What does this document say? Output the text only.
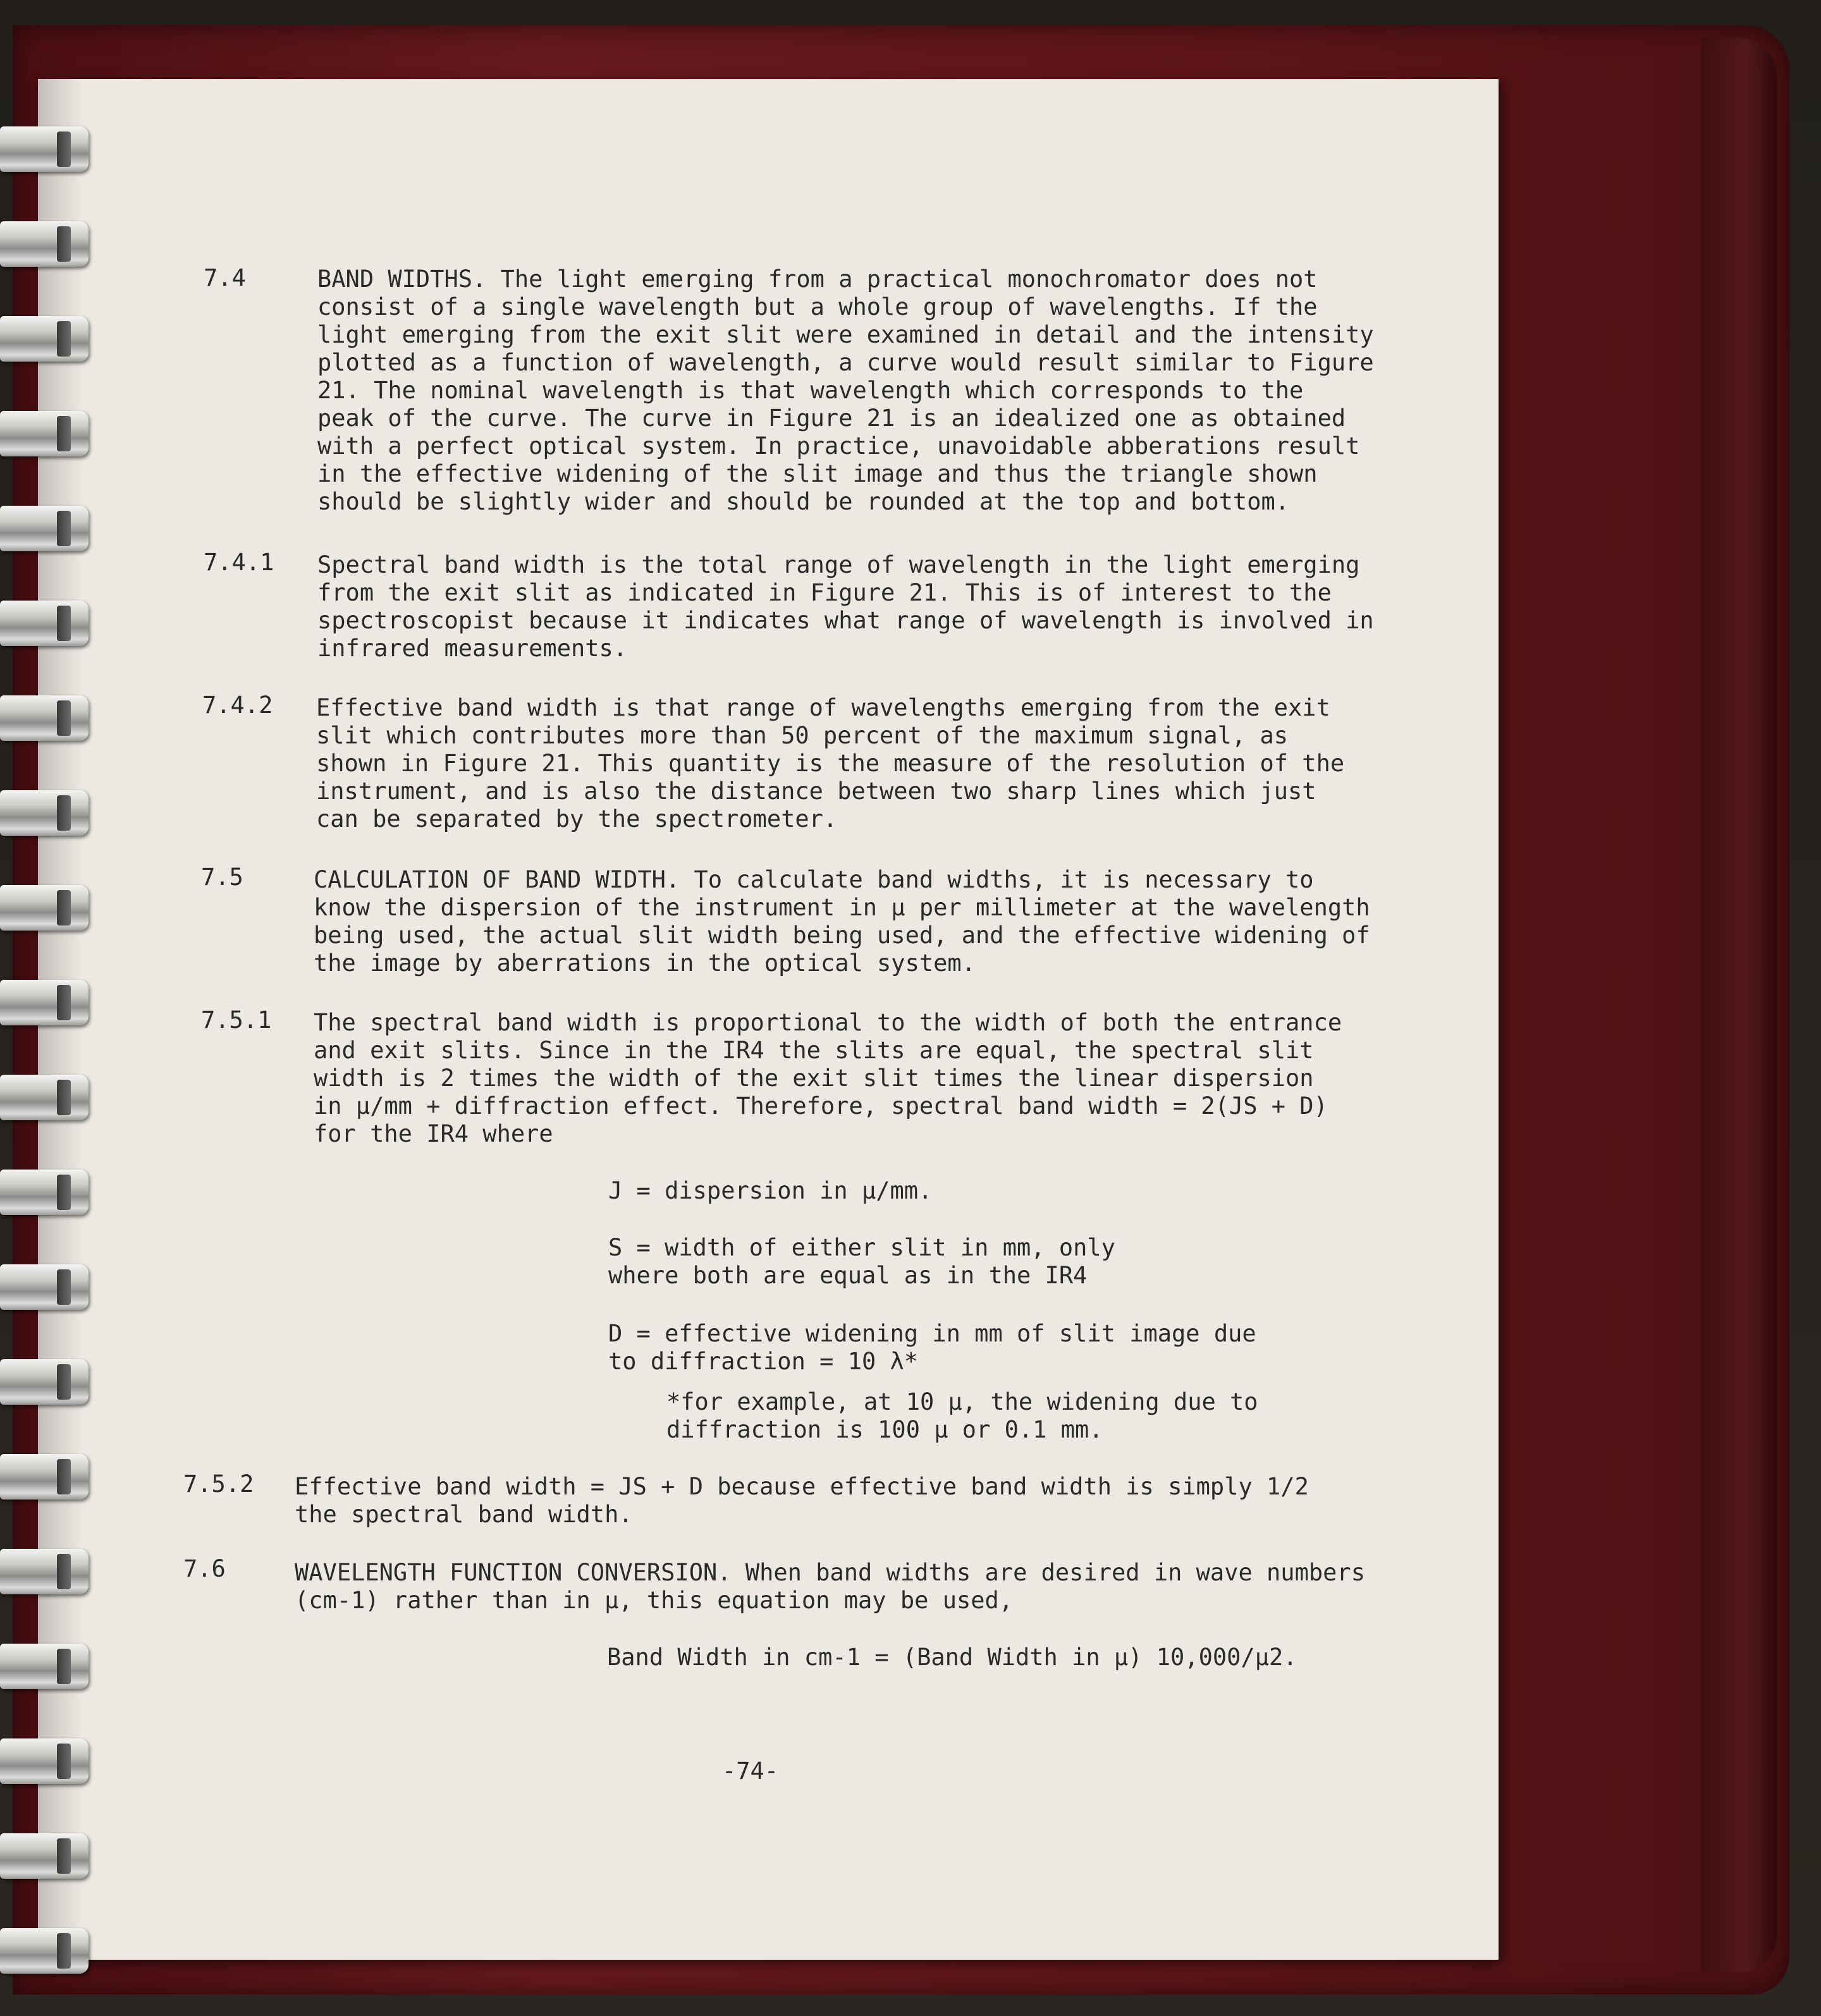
7.4	BAND WIDTHS. The light emerging from a practical monochromator does not
consist of a single wavelength but a whole group of wavelengths. If the
light emerging from the exit slit were examined in detail and the intensity
plotted as a function of wavelength, a curve would result similar to Figure
21. The nominal wavelength is that wavelength which corresponds to the
peak of the curve. The curve in Figure 21 is an idealized one as obtained
with a perfect optical system. In practice, unavoidable abberations result
in the effective widening of the slit image and thus the triangle shown
should be slightly wider and should be rounded at the top and bottom.
7.4.1 Spectral band width is the total range of wavelength in the light emerging
from the exit slit as indicated in Figure 21. This is of interest to the
spectroscopist because it indicates what range of wavelength is involved in
infrared measurements.
7.4.2 Effective band width is that range of wavelengths emerging from the exit
slit which contributes more than 50 percent of the maximum signal, as
shown in Figure 21. This quantity is the measure of the resolution of the
instrument, and is also the distance between two sharp lines which just
can be separated by the spectrometer.
7.5	CALCULATION OF BAND WIDTH. To calculate band widths, it is necessary to
know the dispersion of the instrument in μ per millimeter at the wavelength
being used, the actual slit width being used, and the effective widening of
the image by aberrations in the optical system.
7.5.1 The spectral band width is proportional to the width of both the entrance
and exit slits. Since in the IR4 the slits are equal, the spectral slit
width is 2 times the width of the exit slit times the linear dispersion
in μ/mm + diffraction effect. Therefore, spectral band width = 2(JS + D)
for the IR4 where
J = dispersion in μ/mm.
S = width of either slit in mm, only
where both are equal as in the IR4
D = effective widening in mm of slit image due
to diffraction = 10 λ*
*for example, at 10 μ, the widening due to
diffraction is 100 μ or 0.1 mm.
7.5.2 Effective band width = JS + D because effective band width is simply 1/2
the spectral band width.
7.6	WAVELENGTH FUNCTION CONVERSION. When band widths are desired in wave numbers
(cm-1) rather than in μ, this equation may be used,
Band Width in cm-1 = (Band Width in μ) 10,000/μ2.
-74-
